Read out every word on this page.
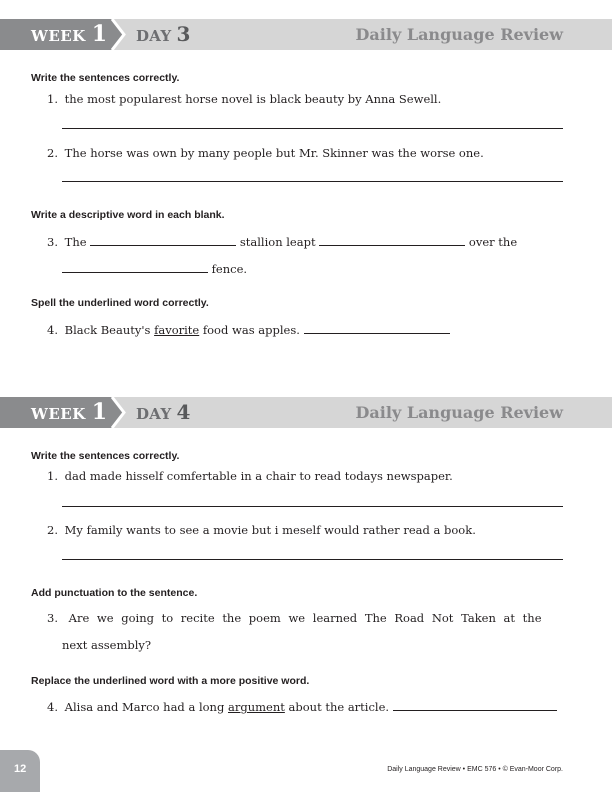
WEEK 1 DAY 3	Daily Language Review
Write the sentences correctly.
1. the most popularest horse novel is black beauty by Anna Sewell.
2. The horse was own by many people but Mr. Skinner was the worse one.
Write a descriptive word in each blank.
3. The	stallion leapt	over the
fence.
Spell the underlined word correctly.
4. Black Beauty's favorite food was apples.
WEEK 1 DAY 4	Daily Language Review
Write the sentences correctly.
1. dad made hisself comfertable in a chair to read todays newspaper.
2. My family wants to see a movie but i meself would rather read a book.
Add punctuation to the sentence.
3. Are we going to recite the poem we learned The Road Not Taken at the
next assembly?
Replace the underlined word with a more positive word.
4. Alisa and Marco had a long argument about the article.
12	Daily Language Review • EMC 576 • © Evan-Moor Corp.
